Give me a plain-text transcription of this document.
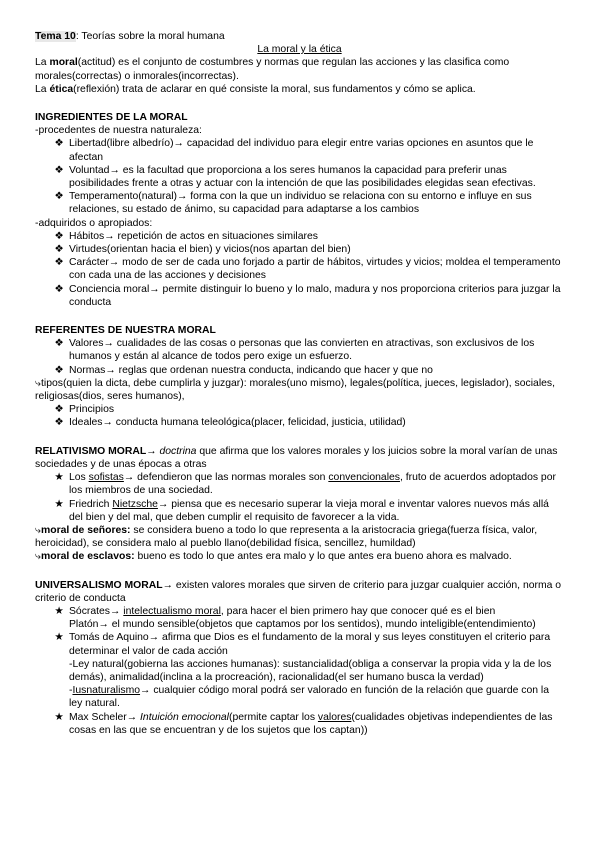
Tema 10: Teorías sobre la moral humana

La moral y la ética

La moral(actitud) es el conjunto de costumbres y normas que regulan las acciones y las clasifica como morales(correctas) o inmorales(incorrectas).

La ética(reflexión) trata de aclarar en qué consiste la moral, sus fundamentos y cómo se aplica.

INGREDIENTES DE LA MORAL

-procedentes de nuestra naturaleza:

❖ Libertad(libre albedrío)→ capacidad del individuo para elegir entre varias opciones en asuntos que le afectan
❖ Voluntad→ es la facultad que proporciona a los seres humanos la capacidad para preferir unas posibilidades frente a otras y actuar con la intención de que las posibilidades elegidas sean efectivas.
❖ Temperamento(natural)→ forma con la que un individuo se relaciona con su entorno e influye en sus relaciones, su estado de ánimo, su capacidad para adaptarse a los cambios

-adquiridos o apropiados:

❖ Hábitos→ repetición de actos en situaciones similares
❖ Virtudes(orientan hacia el bien) y vicios(nos apartan del bien)
❖ Carácter→ modo de ser de cada uno forjado a partir de hábitos, virtudes y vicios; moldea el temperamento con cada una de las acciones y decisiones
❖ Conciencia moral→ permite distinguir lo bueno y lo malo, madura y nos proporciona criterios para juzgar la conducta

REFERENTES DE NUESTRA MORAL

❖ Valores→ cualidades de las cosas o personas que las convierten en atractivas, son exclusivos de los humanos y están al alcance de todos pero exige un esfuerzo.
❖ Normas→ reglas que ordenan nuestra conducta, indicando que hacer y que no

⤷tipos(quien la dicta, debe cumplirla y juzgar): morales(uno mismo), legales(política, jueces, legislador), sociales, religiosas(dios, seres humanos),

❖ Principios
❖ Ideales→ conducta humana teleológica(placer, felicidad, justicia, utilidad)

RELATIVISMO MORAL→ doctrina que afirma que los valores morales y los juicios sobre la moral varían de unas sociedades y de unas épocas a otras

★ Los sofistas→ defendieron que las normas morales son convencionales, fruto de acuerdos adoptados por los miembros de una sociedad.
★ Friedrich Nietzsche→ piensa que es necesario superar la vieja moral e inventar valores nuevos más allá del bien y del mal, que deben cumplir el requisito de favorecer a la vida.

⤷moral de señores: se considera bueno a todo lo que representa a la aristocracia griega(fuerza física, valor, heroicidad), se considera malo al pueblo llano(debilidad física, sencillez, humildad)

⤷moral de esclavos: bueno es todo lo que antes era malo y lo que antes era bueno ahora es malvado.

UNIVERSALISMO MORAL→ existen valores morales que sirven de criterio para juzgar cualquier acción, norma o criterio de conducta

★ Sócrates→ intelectualismo moral, para hacer el bien primero hay que conocer qué es el bien
Platón→ el mundo sensible(objetos que captamos por los sentidos), mundo inteligible(entendimiento)
★ Tomás de Aquino→ afirma que Dios es el fundamento de la moral y sus leyes constituyen el criterio para determinar el valor de cada acción
-Ley natural(gobierna las acciones humanas): sustancialidad(obliga a conservar la propia vida y la de los demás), animalidad(inclina a la procreación), racionalidad(el ser humano busca la verdad)
-Iusnaturalismo→ cualquier código moral podrá ser valorado en función de la relación que guarde con la ley natural.
★ Max Scheler→ Intuición emocional(permite captar los valores(cualidades objetivas independientes de las cosas en las que se encuentran y de los sujetos que los captan))
